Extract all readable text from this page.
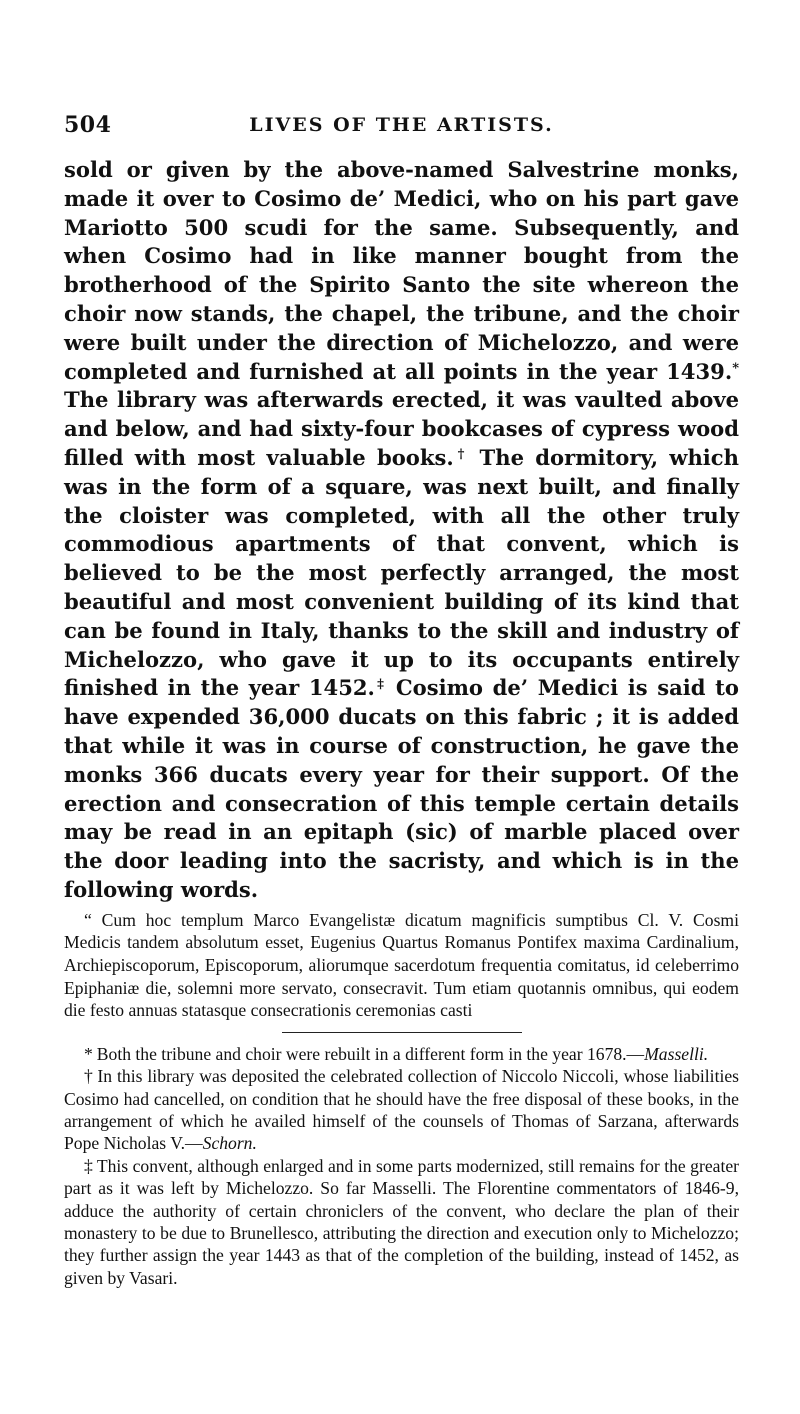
504	LIVES OF THE ARTISTS.
sold or given by the above-named Salvestrine monks, made it over to Cosimo de’ Medici, who on his part gave Mariotto 500 scudi for the same. Subsequently, and when Cosimo had in like manner bought from the brotherhood of the Spirito Santo the site whereon the choir now stands, the chapel, the tribune, and the choir were built under the direction of Michelozzo, and were completed and furnished at all points in the year 1439.* The library was afterwards erected, it was vaulted above and below, and had sixty-four bookcases of cypress wood filled with most valuable books.† The dormitory, which was in the form of a square, was next built, and finally the cloister was completed, with all the other truly commodious apartments of that convent, which is believed to be the most perfectly arranged, the most beautiful and most convenient building of its kind that can be found in Italy, thanks to the skill and industry of Michelozzo, who gave it up to its occupants entirely finished in the year 1452.‡ Cosimo de’ Medici is said to have expended 36,000 ducats on this fabric ; it is added that while it was in course of construction, he gave the monks 366 ducats every year for their support. Of the erection and consecration of this temple certain details may be read in an epitaph (sic) of marble placed over the door leading into the sacristy, and which is in the following words.
“ Cum hoc templum Marco Evangelistæ dicatum magnificis sumptibus Cl. V. Cosmi Medicis tandem absolutum esset, Eugenius Quartus Romanus Pontifex maxima Cardinalium, Archiepiscoporum, Episcoporum, aliorumque sacerdotum frequentia comitatus, id celeberrimo Epiphaniæ die, solemni more servato, consecravit. Tum etiam quotannis omnibus, qui eodem die festo annuas statasque consecrationis ceremonias casti

* Both the tribune and choir were rebuilt in a different form in the year 1678.—Masselli.

† In this library was deposited the celebrated collection of Niccolo Niccoli, whose liabilities Cosimo had cancelled, on condition that he should have the free disposal of these books, in the arrangement of which he availed himself of the counsels of Thomas of Sarzana, afterwards Pope Nicholas V.—Schorn.

‡ This convent, although enlarged and in some parts modernized, still remains for the greater part as it was left by Michelozzo. So far Masselli. The Florentine commentators of 1846-9, adduce the authority of certain chroniclers of the convent, who declare the plan of their monastery to be due to Brunellesco, attributing the direction and execution only to Michelozzo; they further assign the year 1443 as that of the completion of the building, instead of 1452, as given by Vasari.
